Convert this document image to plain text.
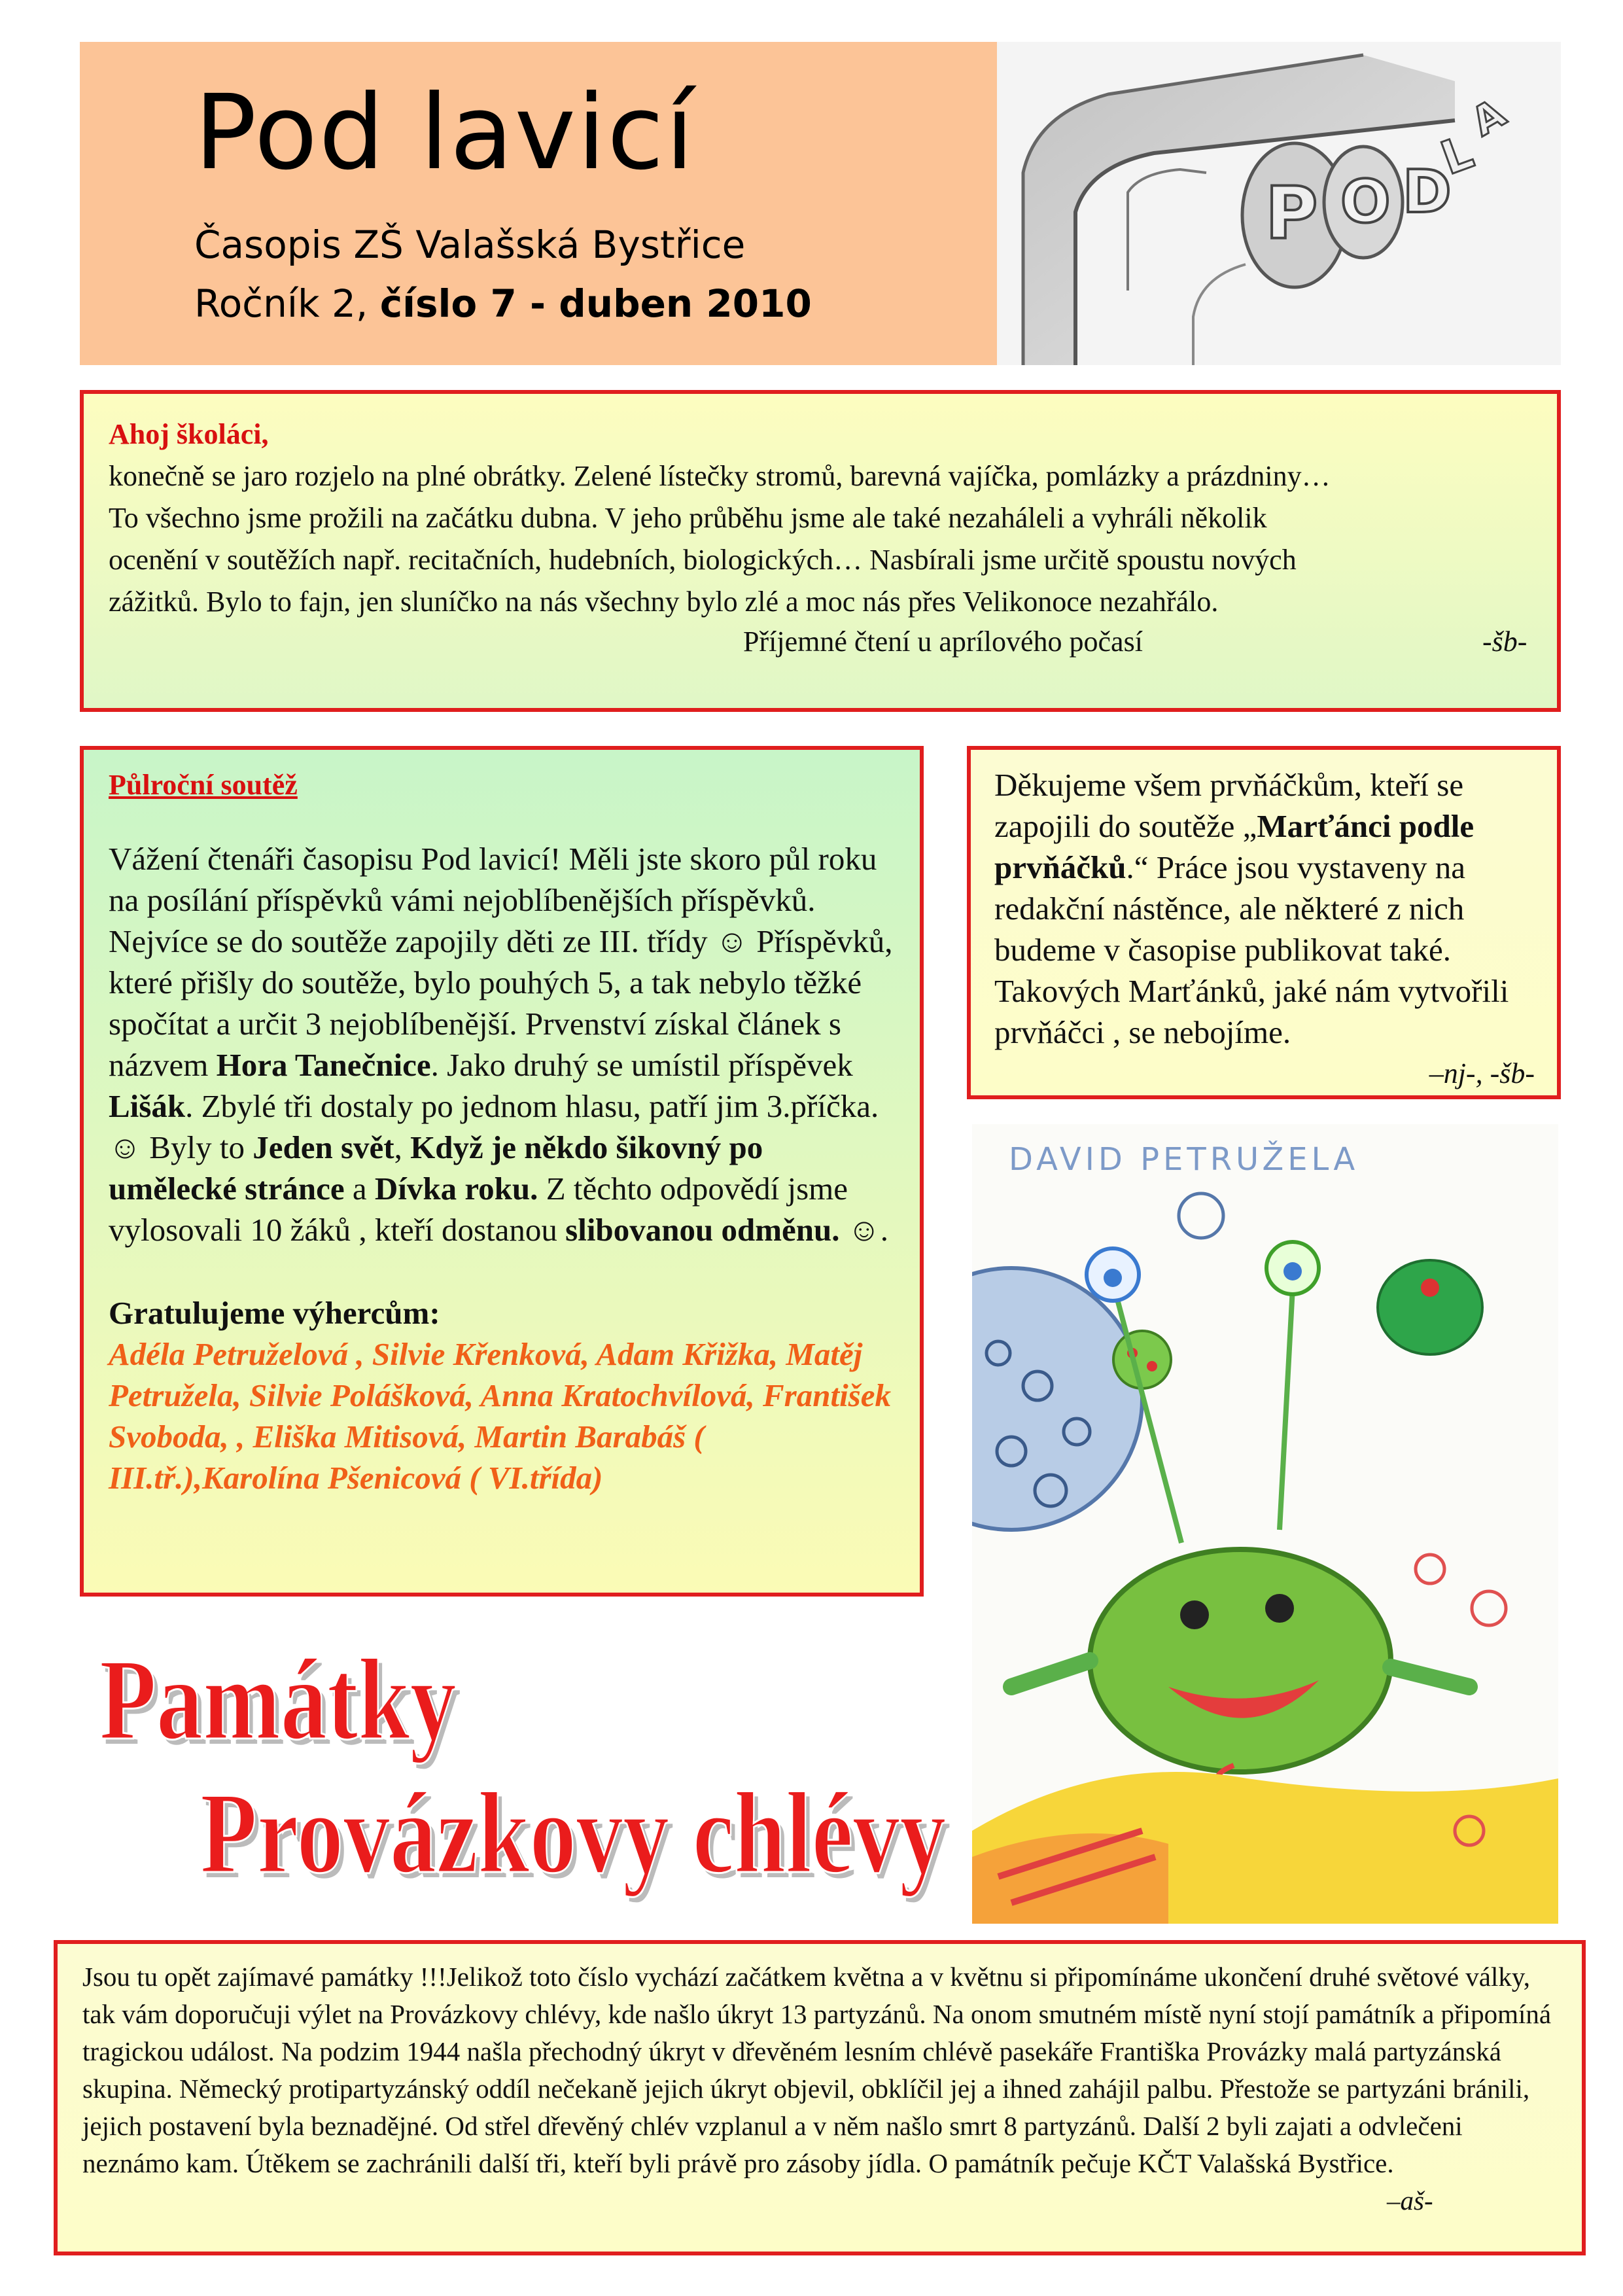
Pod lavicí
Časopis ZŠ Valašská Bystřice
Ročník 2, číslo 7 - duben 2010
P O D
L
A
Ahoj školáci,
konečně se jaro rozjelo na plné obrátky. Zelené lístečky stromů, barevná vajíčka, pomlázky a prázdniny…
To všechno jsme prožili na začátku dubna. V jeho průběhu jsme ale také nezaháleli a vyhráli několik
ocenění v soutěžích např. recitačních, hudebních, biologických… Nasbírali jsme určitě spoustu nových
zážitků. Bylo to fajn, jen sluníčko na nás všechny bylo zlé a moc nás přes Velikonoce nezahřálo.
Příjemné čtení u aprílového počasí	-šb-
Půlroční soutěž
Vážení čtenáři časopisu Pod lavicí! Měli jste skoro půl roku na posílání příspěvků vámi nejoblíbenějších příspěvků. Nejvíce se do soutěže zapojily děti ze III. třídy ☺ Příspěvků, které přišly do soutěže, bylo pouhých 5, a tak nebylo těžké spočítat a určit 3 nejoblíbenější. Prvenství získal článek s názvem Hora Tanečnice. Jako druhý se umístil příspěvek Lišák. Zbylé tři dostaly po jednom hlasu, patří jim 3.příčka. ☺ Byly to Jeden svět, Když je někdo šikovný po umělecké stránce a Dívka roku. Z těchto odpovědí jsme vylosovali 10 žáků , kteří dostanou slibovanou odměnu. ☺.
Gratulujeme výhercům:
Adéla Petruželová , Silvie Křenková, Adam Křižka, Matěj Petružela, Silvie Polášková, Anna Kratochvílová, František Svoboda, , Eliška Mitisová, Martin Barabáš ( III.tř.),Karolína Pšenicová ( VI.třída)
Děkujeme všem prvňáčkům, kteří se zapojili do soutěže „Marťánci podle prvňáčků.“ Práce jsou vystaveny na redakční nástěnce, ale některé z nich budeme v časopise publikovat také. Takových Marťánků, jaké nám vytvořili prvňáčci , se nebojíme.
–nj-, -šb-
DAVID PETRUŽELA
Památky
Provázkovy chlévy
Jsou tu opět zajímavé památky !!!Jelikož toto číslo vychází začátkem května a v květnu si připomínáme ukončení druhé světové války, tak vám doporučuji výlet na Provázkovy chlévy, kde našlo úkryt 13 partyzánů. Na onom smutném místě nyní stojí památník a připomíná tragickou událost. Na podzim 1944 našla přechodný úkryt v dřevěném lesním chlévě pasekáře Františka Provázky malá partyzánská skupina. Německý protipartyzánský oddíl nečekaně jejich úkryt objevil, obklíčil jej a ihned zahájil palbu. Přestože se partyzáni bránili, jejich postavení byla beznadějné. Od střel dřevěný chlév vzplanul a v něm našlo smrt 8 partyzánů. Další 2 byli zajati a odvlečeni neznámo kam. Útěkem se zachránili další tři, kteří byli právě pro zásoby jídla. O památník pečuje KČT Valašská Bystřice.
–aš-
